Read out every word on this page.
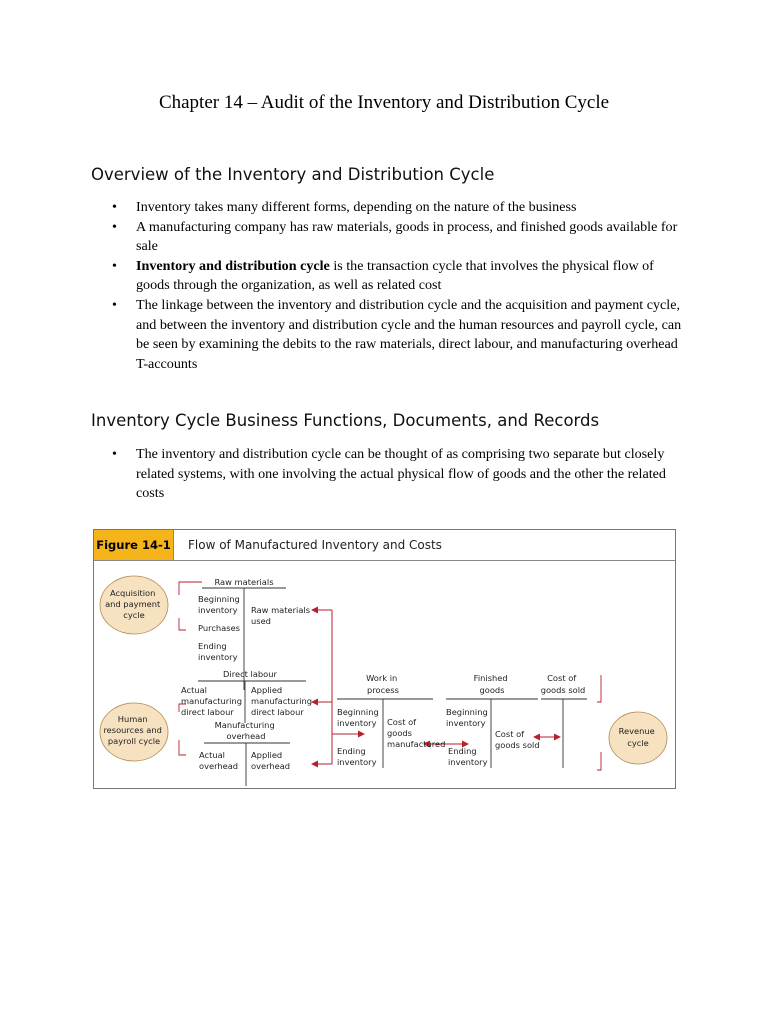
Chapter 14 – Audit of the Inventory and Distribution Cycle
Overview of the Inventory and Distribution Cycle
• Inventory takes many different forms, depending on the nature of the business
• A manufacturing company has raw materials, goods in process, and finished goods available for sale
• Inventory and distribution cycle is the transaction cycle that involves the physical flow of goods through the organization, as well as related cost
• The linkage between the inventory and distribution cycle and the acquisition and payment cycle, and between the inventory and distribution cycle and the human resources and payroll cycle, can be seen by examining the debits to the raw materials, direct labour, and manufacturing overhead T-accounts
Inventory Cycle Business Functions, Documents, and Records
• The inventory and distribution cycle can be thought of as comprising two separate but closely related systems, with one involving the actual physical flow of goods and the other the related costs
Figure 14-1 Flow of Manufactured Inventory and Costs
Acquisition and payment cycle
Human resources and payroll cycle
Revenue cycle
Raw materials
Beginning inventory
Purchases
Ending inventory
Raw materials used
Direct labour
Actual manufacturing direct labour
Applied manufacturing direct labour
Manufacturing overhead
Actual overhead
Applied overhead
Work in process
Beginning inventory
Ending inventory
Cost of goods manufactured
Finished goods
Beginning inventory
Ending inventory
Cost of goods sold
Cost of goods sold
